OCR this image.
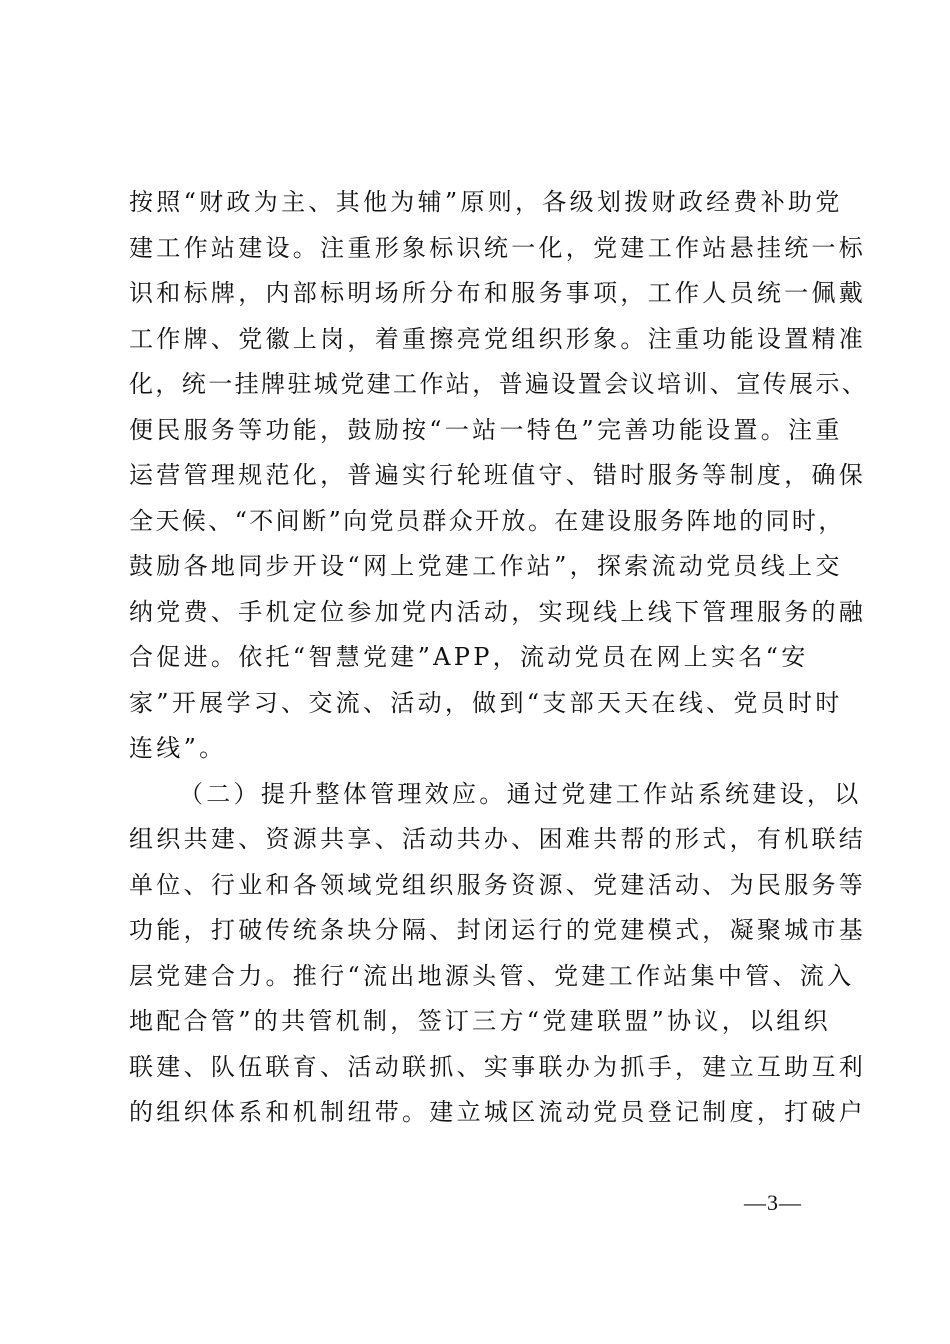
按照“财政为主、其他为辅”原则，各级划拨财政经费补助党
建工作站建设。注重形象标识统一化，党建工作站悬挂统一标
识和标牌，内部标明场所分布和服务事项，工作人员统一佩戴
工作牌、党徽上岗，着重擦亮党组织形象。注重功能设置精准
化，统一挂牌驻城党建工作站，普遍设置会议培训、宣传展示、
便民服务等功能，鼓励按“一站一特色”完善功能设置。注重
运营管理规范化，普遍实行轮班值守、错时服务等制度，确保
全天候、“不间断”向党员群众开放。在建设服务阵地的同时，
鼓励各地同步开设“网上党建工作站”，探索流动党员线上交
纳党费、手机定位参加党内活动，实现线上线下管理服务的融
合促进。依托“智慧党建”APP，流动党员在网上实名“安
家”开展学习、交流、活动，做到“支部天天在线、党员时时
连线”。
（二）提升整体管理效应。通过党建工作站系统建设，以
组织共建、资源共享、活动共办、困难共帮的形式，有机联结
单位、行业和各领域党组织服务资源、党建活动、为民服务等
功能，打破传统条块分隔、封闭运行的党建模式，凝聚城市基
层党建合力。推行“流出地源头管、党建工作站集中管、流入
地配合管”的共管机制，签订三方“党建联盟”协议，以组织
联建、队伍联育、活动联抓、实事联办为抓手，建立互助互利
的组织体系和机制纽带。建立城区流动党员登记制度，打破户
—3—
